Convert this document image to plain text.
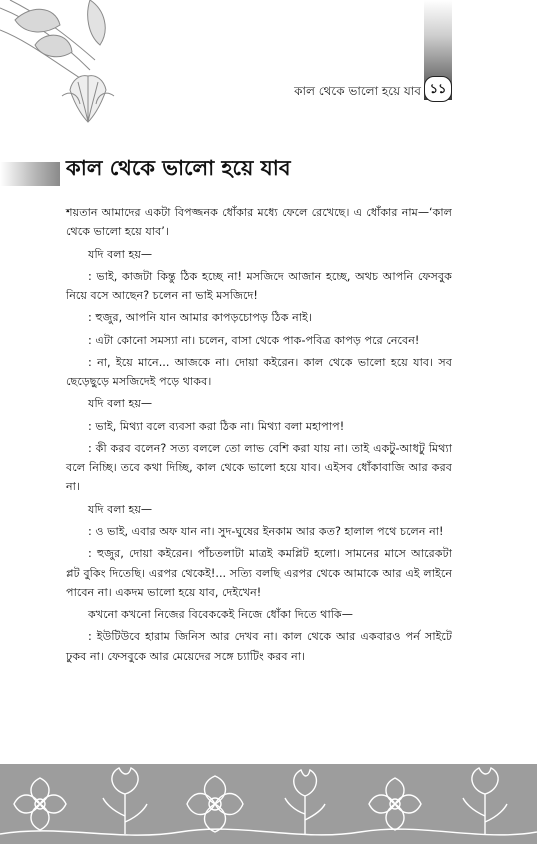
কাল থেকে ভালো হয়ে যাব ১১
কাল থেকে ভালো হয়ে যাব

শয়তান আমাদের একটা বিপজ্জনক ধোঁকার মধ্যে ফেলে রেখেছে। এ ধোঁকার নাম—‘কাল থেকে ভালো হয়ে যাব’।

যদি বলা হয়—

: ভাই, কাজটা কিন্তু ঠিক হচ্ছে না! মসজিদে আজান হচ্ছে, অথচ আপনি ফেসবুক নিয়ে বসে আছেন? চলেন না ভাই মসজিদে!

: হুজুর, আপনি যান আমার কাপড়চোপড় ঠিক নাই।

: এটা কোনো সমস্যা না। চলেন, বাসা থেকে পাক-পবিত্র কাপড় পরে নেবেন!

: না, ইয়ে মানে... আজকে না। দোয়া কইরেন। কাল থেকে ভালো হয়ে যাব। সব ছেড়েছুড়ে মসজিদেই পড়ে থাকব।

যদি বলা হয়—

: ভাই, মিথ্যা বলে ব্যবসা করা ঠিক না। মিথ্যা বলা মহাপাপ!

: কী করব বলেন? সত্য বললে তো লাভ বেশি করা যায় না। তাই একটু-আধটু মিথ্যা বলে নিচ্ছি। তবে কথা দিচ্ছি, কাল থেকে ভালো হয়ে যাব। এইসব ধোঁকাবাজি আর করব না।

যদি বলা হয়—

: ও ভাই, এবার অফ যান না। সুদ-ঘুষের ইনকাম আর কত? হালাল পথে চলেন না!

: হুজুর, দোয়া কইরেন। পাঁচতলাটা মাত্রই কমপ্লিট হলো। সামনের মাসে আরেকটা প্লট বুকিং দিতেছি। এরপর থেকেই!... সত্যি বলছি এরপর থেকে আমাকে আর এই লাইনে পাবেন না। একদম ভালো হয়ে যাব, দেইখেন!

কখনো কখনো নিজের বিবেককেই নিজে ধোঁকা দিতে থাকি—

: ইউটিউবে হারাম জিনিস আর দেখব না। কাল থেকে আর একবারও পর্ন সাইটে ঢুকব না। ফেসবুকে আর মেয়েদের সঙ্গে চ্যাটিং করব না।
